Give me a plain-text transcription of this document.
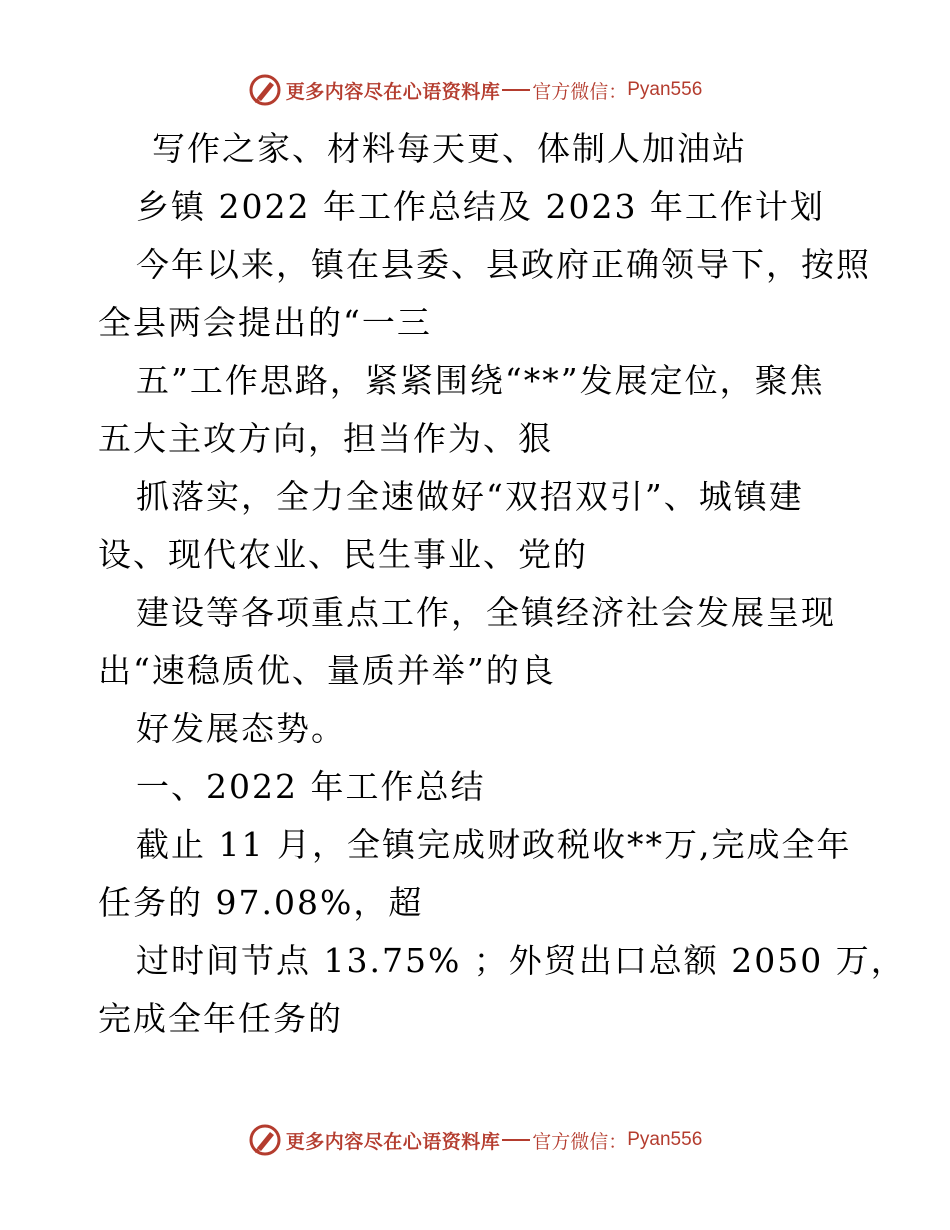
更多内容尽在心语资料库 官方微信： Pyan556
写作之家、材料每天更、体制人加油站
乡镇 2022 年工作总结及 2023 年工作计划
今年以来，镇在县委、县政府正确领导下，按照
全县两会提出的“一三
五”工作思路，紧紧围绕“**”发展定位，聚焦
五大主攻方向，担当作为、狠
抓落实，全力全速做好“双招双引”、城镇建
设、现代农业、民生事业、党的
建设等各项重点工作，全镇经济社会发展呈现
出“速稳质优、量质并举”的良
好发展态势。
一、2022 年工作总结
截止 11 月，全镇完成财政税收**万,完成全年
任务的 97.08%，超
过时间节点 13.75% ；外贸出口总额 2050 万，
完成全年任务的
更多内容尽在心语资料库 官方微信： Pyan556
